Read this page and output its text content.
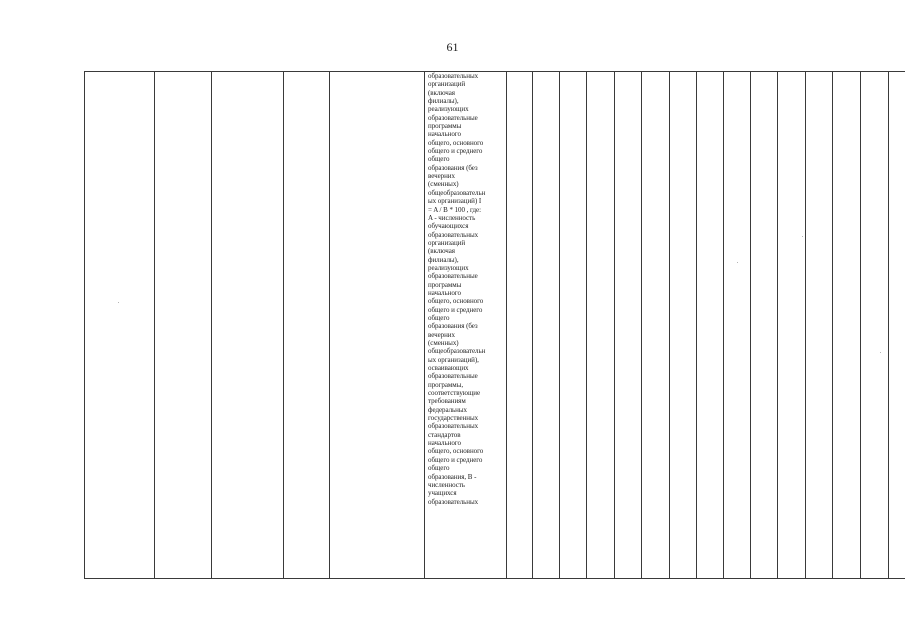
61

образовательных
организаций
(включая
филиалы),
реализующих
образовательные
программы
начального
общего, основного
общего и среднего
общего
образования (без
вечерних
(сменных)
общеобразовательн
ых организаций) I
= A / B * 100 , где:
A - численность
обучающихся
образовательных
организаций
(включая
филиалы),
реализующих
образовательные
программы
начального
общего, основного
общего и среднего
общего
образования (без
вечерних
(сменных)
общеобразовательн
ых организаций),
осваивающих
образовательные
программы,
соответствующие
требованиям
федеральных
государственных
образовательных
стандартов
начального
общего, основного
общего и среднего
общего
образования, B -
численность
учащихся
образовательных
